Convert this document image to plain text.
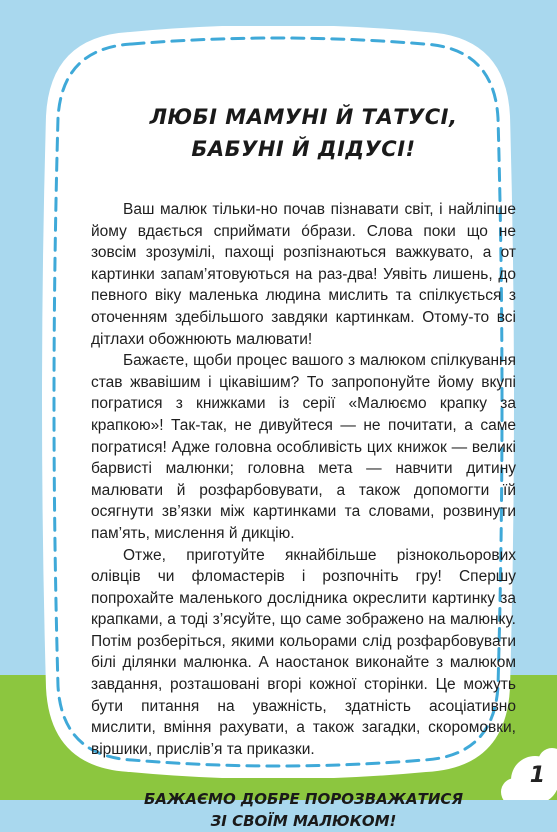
1
ЛЮБІ МАМУНІ Й ТАТУСІ,
БАБУНІ Й ДІДУСІ!

Ваш малюк тільки-но почав пізнавати світ, і найліпше йому вдається сприймати óбрази. Слова поки що не зовсім зрозумілі, пахощі розпізнаються важкувато, а от картинки запам’ятовуються на раз-два! Уявіть лишень, до певного віку маленька людина мислить та спілкується з оточенням здебільшого завдяки картинкам. Отому-то всі дітлахи обожнюють малювати!

Бажаєте, щоби процес вашого з малюком спілкування став жвавішим і цікавішим? То запропонуйте йому вкупі погратися з книжками із серії «Малюємо крапку за крапкою»! Так-так, не дивуйтеся — не почитати, а саме погратися! Адже головна особливість цих книжок — великі барвисті малюнки; головна мета — навчити дитину малювати й розфарбовувати, а також допомогти їй осягнути зв’язки між картинками та словами, розвинути пам’ять, мислення й дикцію.

Отже, приготуйте якнайбільше різнокольорових олівців чи фломастерів і розпочніть гру! Спершу попрохайте маленького дослідника окреслити картинку за крапками, а тоді з’ясуйте, що саме зображено на малюнку. Потім розберіться, якими кольорами слід розфарбовувати білі ділянки малюнка. А наостанок виконайте з малюком завдання, розташовані вгорі кожної сторінки. Це можуть бути питання на уважність, здатність асоціативно мислити, вміння рахувати, а також загадки, скоромовки, віршики, прислів’я та приказки.

БАЖАЄМО ДОБРЕ ПОРОЗВАЖАТИСЯ
ЗІ СВОЇМ МАЛЮКОМ!
